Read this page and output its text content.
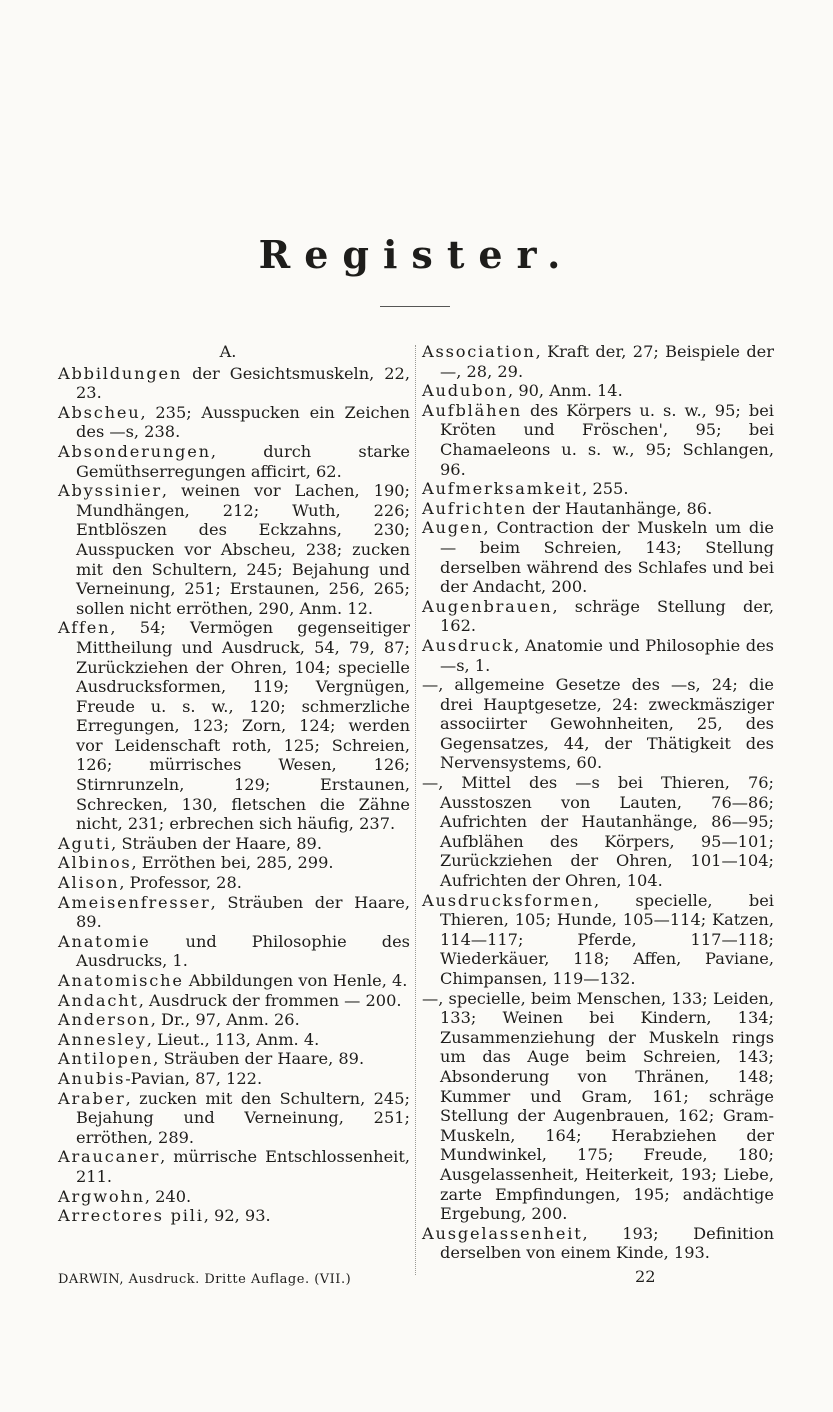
Register.

A.

Abbildungen der Gesichtsmuskeln, 22, 23.

Abscheu, 235; Ausspucken ein Zeichen des —s, 238.

Absonderungen, durch starke Gemüthserregungen afficirt, 62.

Abyssinier, weinen vor Lachen, 190; Mundhängen, 212; Wuth, 226; Entblöszen des Eckzahns, 230; Ausspucken vor Abscheu, 238; zucken mit den Schultern, 245; Bejahung und Verneinung, 251; Erstaunen, 256, 265; sollen nicht erröthen, 290, Anm. 12.

Affen, 54; Vermögen gegenseitiger Mittheilung und Ausdruck, 54, 79, 87; Zurückziehen der Ohren, 104; specielle Ausdrucksformen, 119; Vergnügen, Freude u. s. w., 120; schmerzliche Erregungen, 123; Zorn, 124; werden vor Leidenschaft roth, 125; Schreien, 126; mürrisches Wesen, 126; Stirnrunzeln, 129; Erstaunen, Schrecken, 130, fletschen die Zähne nicht, 231; erbrechen sich häufig, 237.

Aguti, Sträuben der Haare, 89.

Albinos, Erröthen bei, 285, 299.

Alison, Professor, 28.

Ameisenfresser, Sträuben der Haare, 89.

Anatomie und Philosophie des Ausdrucks, 1.

Anatomische Abbildungen von Henle, 4.

Andacht, Ausdruck der frommen — 200.

Anderson, Dr., 97, Anm. 26.

Annesley, Lieut., 113, Anm. 4.

Antilopen, Sträuben der Haare, 89.

Anubis-Pavian, 87, 122.

Araber, zucken mit den Schultern, 245; Bejahung und Verneinung, 251; erröthen, 289.

Araucaner, mürrische Entschlossenheit, 211.

Argwohn, 240.

Arrectores pili, 92, 93.

Association, Kraft der, 27; Beispiele der —, 28, 29.

Audubon, 90, Anm. 14.

Aufblähen des Körpers u. s. w., 95; bei Kröten und Fröschen', 95; bei Chamaeleons u. s. w., 95; Schlangen, 96.

Aufmerksamkeit, 255.

Aufrichten der Hautanhänge, 86.

Augen, Contraction der Muskeln um die — beim Schreien, 143; Stellung derselben während des Schlafes und bei der Andacht, 200.

Augenbrauen, schräge Stellung der, 162.

Ausdruck, Anatomie und Philosophie des —s, 1.

—, allgemeine Gesetze des —s, 24; die drei Hauptgesetze, 24: zweckmäsziger associirter Gewohnheiten, 25, des Gegensatzes, 44, der Thätigkeit des Nervensystems, 60.

—, Mittel des —s bei Thieren, 76; Ausstoszen von Lauten, 76—86; Aufrichten der Hautanhänge, 86—95; Aufblähen des Körpers, 95—101; Zurückziehen der Ohren, 101—104; Aufrichten der Ohren, 104.

Ausdrucksformen, specielle, bei Thieren, 105; Hunde, 105—114; Katzen, 114—117; Pferde, 117—118; Wiederkäuer, 118; Affen, Paviane, Chimpansen, 119—132.

—, specielle, beim Menschen, 133; Leiden, 133; Weinen bei Kindern, 134; Zusammenziehung der Muskeln rings um das Auge beim Schreien, 143; Absonderung von Thränen, 148; Kummer und Gram, 161; schräge Stellung der Augenbrauen, 162; Gram-Muskeln, 164; Herabziehen der Mundwinkel, 175; Freude, 180; Ausgelassenheit, Heiterkeit, 193; Liebe, zarte Empfindungen, 195; andächtige Ergebung, 200.

Ausgelassenheit, 193; Definition derselben von einem Kinde, 193.

DARWIN, Ausdruck. Dritte Auflage. (VII.)	22
